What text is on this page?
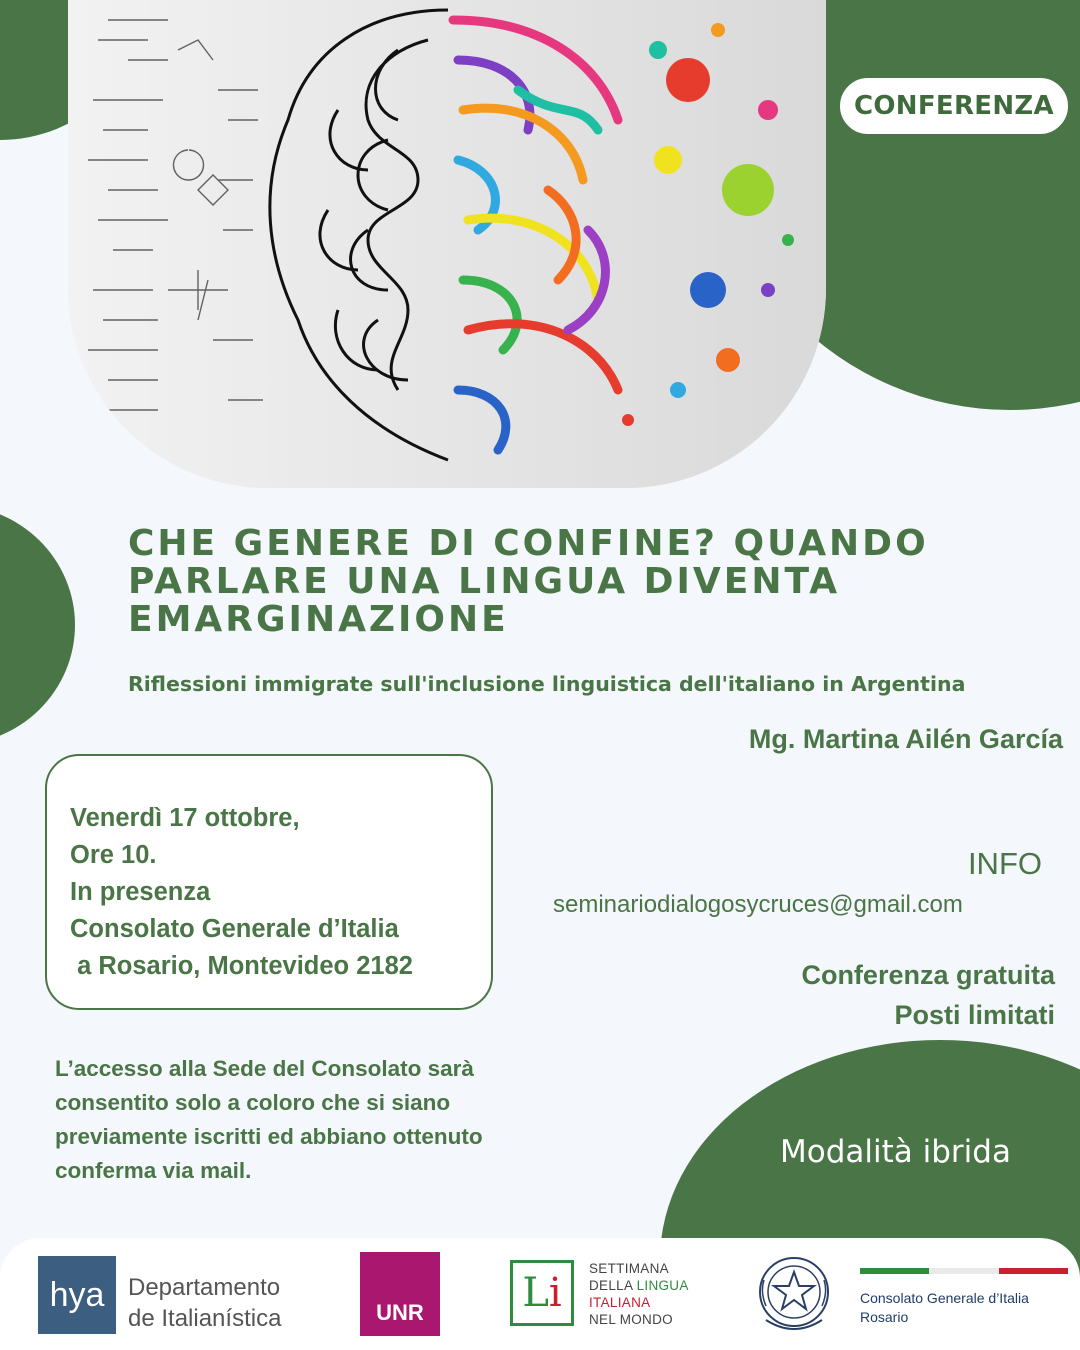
CONFERENZA
CHE GENERE DI CONFINE? QUANDO
PARLARE UNA LINGUA DIVENTA
EMARGINAZIONE
Riflessioni immigrate sull'inclusione linguistica dell'italiano in Argentina
Mg. Martina Ailén García
Venerdì 17 ottobre,
Ore 10.
In presenza
Consolato Generale d’Italia
a Rosario, Montevideo 2182
INFO
seminariodialogosycruces@gmail.com
Conferenza gratuita
Posti limitati
L’accesso alla Sede del Consolato sarà consentito solo a coloro che si siano previamente iscritti ed abbiano ottenuto conferma via mail.
Modalità ibrida
hya Departamento
de Italianística	UNR	L i
SETTIMANA
DELLA LINGUA
ITALIANA
NEL MONDO
Consolato Generale d’Italia
Rosario
